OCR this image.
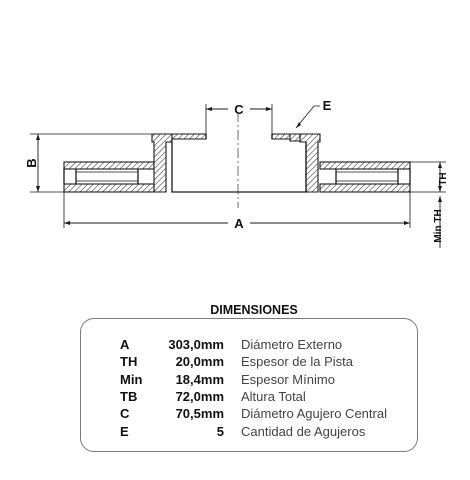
C	E
B
A
TH
Min TH
DIMENSIONES
A	303,0mm Diámetro Externo
TH	20,0mm Espesor de la Pista
Min	18,4mm Espesor Mínimo
TB	72,0mm Altura Total
C	70,5mm Diámetro Agujero Central
E	5 Cantidad de Agujeros
